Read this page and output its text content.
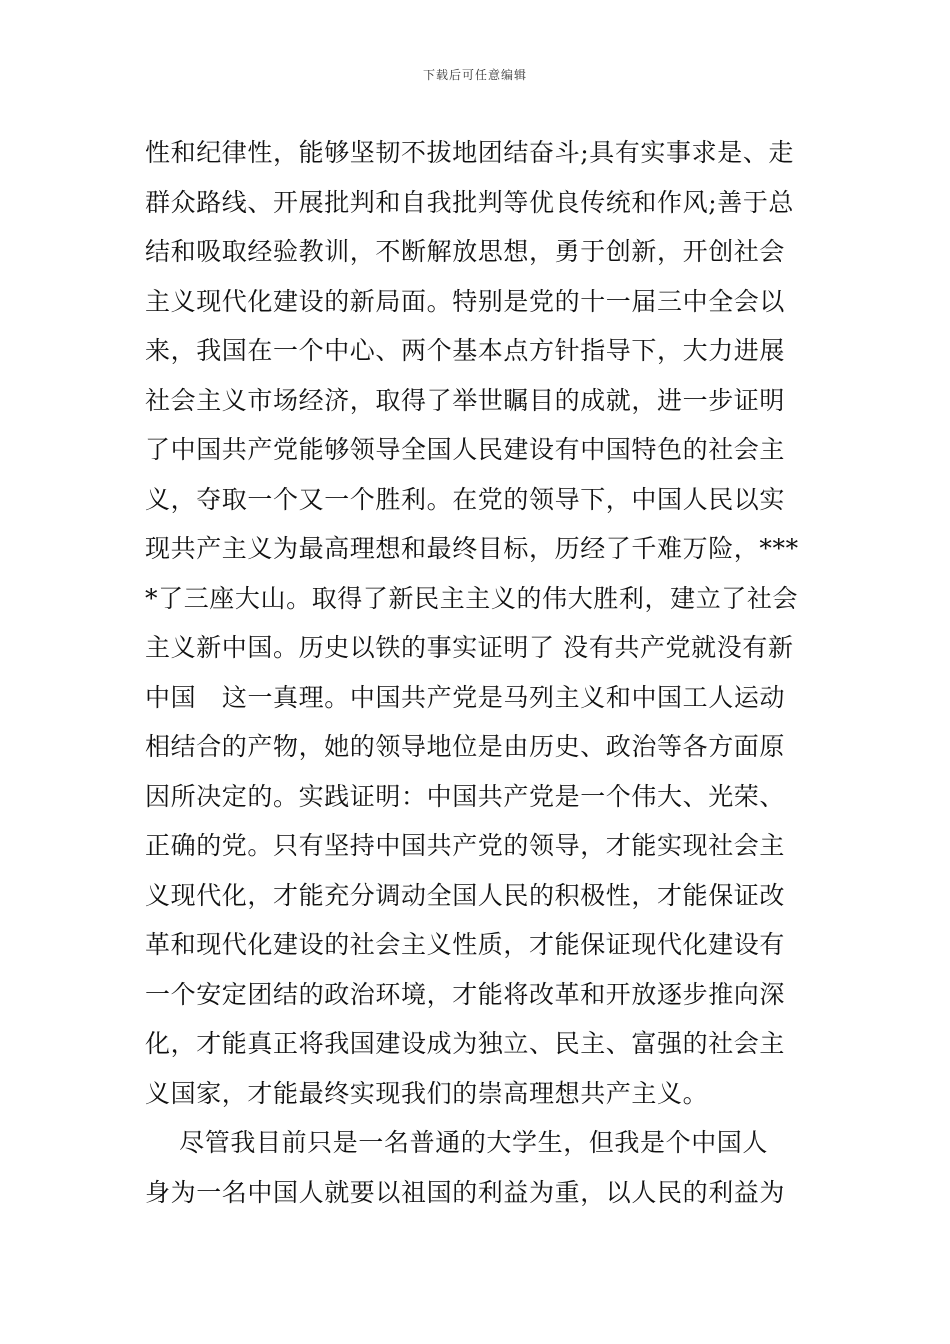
下载后可任意编辑
性和纪律性，能够坚韧不拔地团结奋斗;具有实事求是、走
群众路线、开展批判和自我批判等优良传统和作风;善于总
结和吸取经验教训，不断解放思想，勇于创新，开创社会
主义现代化建设的新局面。特别是党的十一届三中全会以
来，我国在一个中心、两个基本点方针指导下，大力进展
社会主义市场经济，取得了举世瞩目的成就，进一步证明
了中国共产党能够领导全国人民建设有中国特色的社会主
义，夺取一个又一个胜利。在党的领导下，中国人民以实
现共产主义为最高理想和最终目标，历经了千难万险，***
*了三座大山。取得了新民主主义的伟大胜利，建立了社会
主义新中国。历史以铁的事实证明了 没有共产党就没有新
中国   这一真理。中国共产党是马列主义和中国工人运动
相结合的产物，她的领导地位是由历史、政治等各方面原
因所决定的。实践证明：中国共产党是一个伟大、光荣、
正确的党。只有坚持中国共产党的领导，才能实现社会主
义现代化，才能充分调动全国人民的积极性，才能保证改
革和现代化建设的社会主义性质，才能保证现代化建设有
一个安定团结的政治环境，才能将改革和开放逐步推向深
化，才能真正将我国建设成为独立、民主、富强的社会主
义国家，才能最终实现我们的崇高理想共产主义。
尽管我目前只是一名普通的大学生，但我是个中国人
身为一名中国人就要以祖国的利益为重，以人民的利益为
